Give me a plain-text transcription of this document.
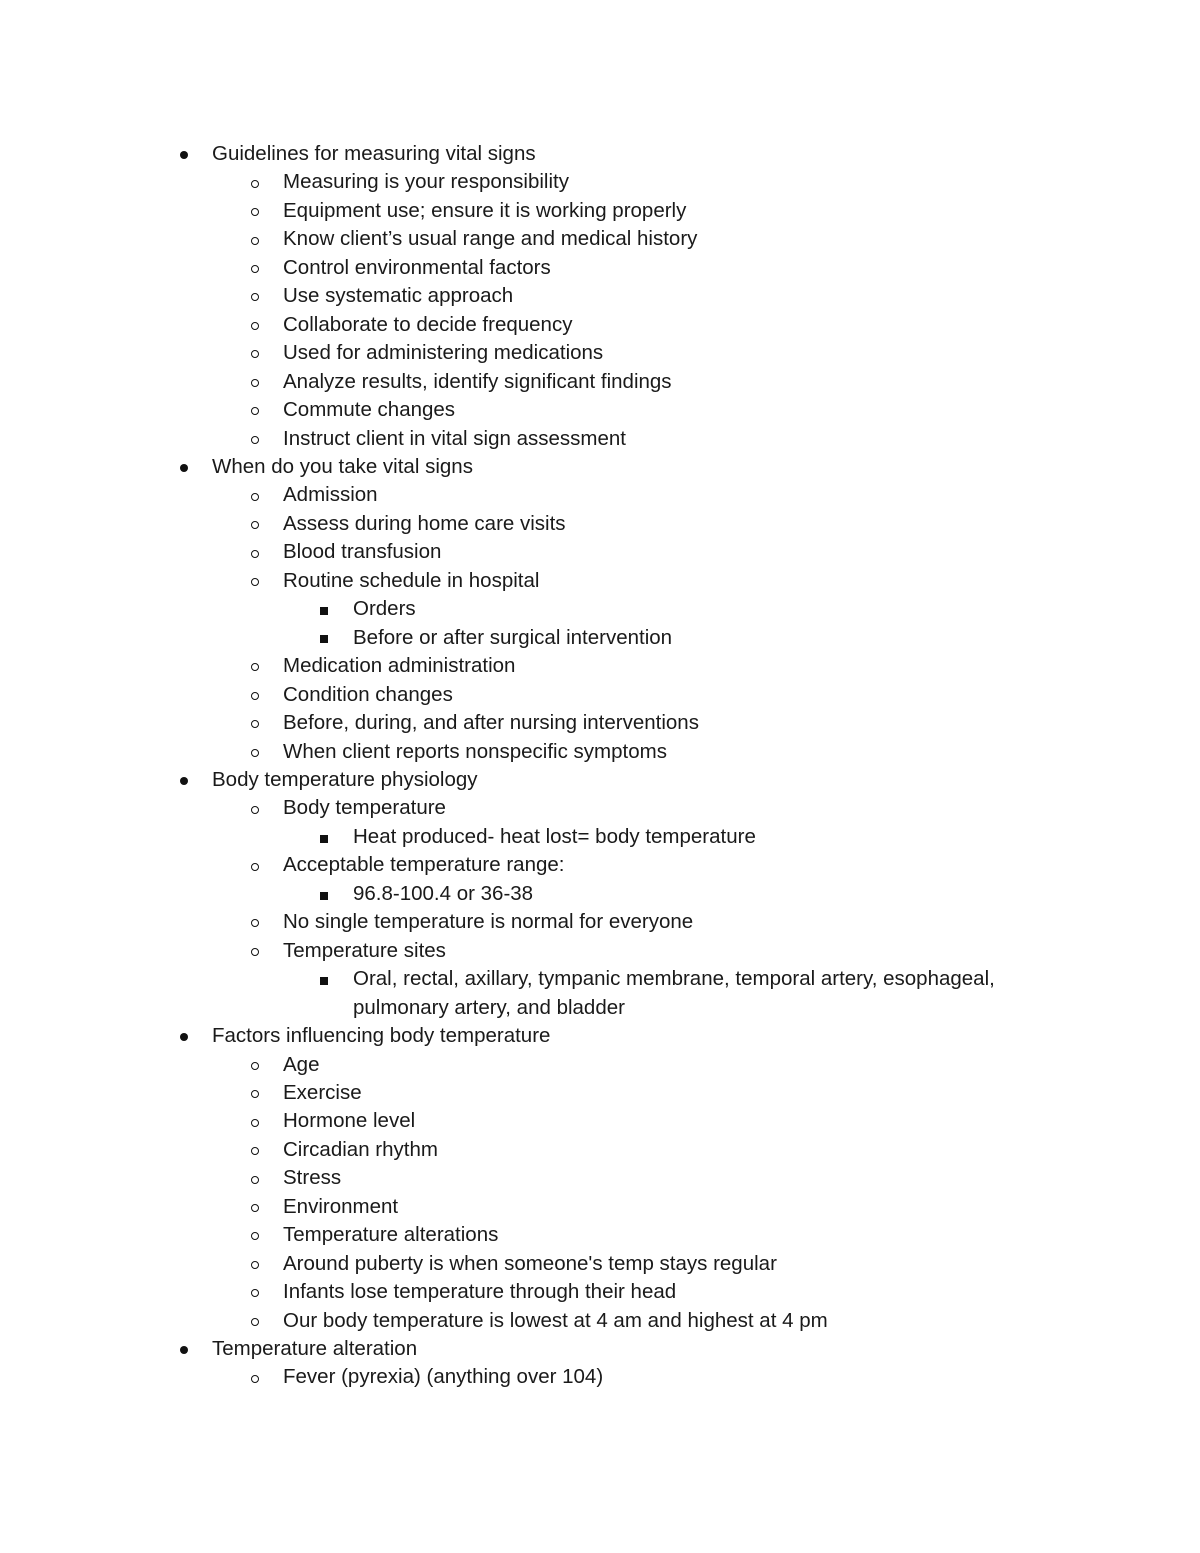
Guidelines for measuring vital signs
Measuring is your responsibility
Equipment use; ensure it is working properly
Know client’s usual range and medical history
Control environmental factors
Use systematic approach
Collaborate to decide frequency
Used for administering medications
Analyze results, identify significant findings
Commute changes
Instruct client in vital sign assessment
When do you take vital signs
Admission
Assess during home care visits
Blood transfusion
Routine schedule in hospital
Orders
Before or after surgical intervention
Medication administration
Condition changes
Before, during, and after nursing interventions
When client reports nonspecific symptoms
Body temperature physiology
Body temperature
Heat produced- heat lost= body temperature
Acceptable temperature range:
96.8-100.4 or 36-38
No single temperature is normal for everyone
Temperature sites
Oral, rectal, axillary, tympanic membrane, temporal artery, esophageal, pulmonary artery, and bladder
Factors influencing body temperature
Age
Exercise
Hormone level
Circadian rhythm
Stress
Environment
Temperature alterations
Around puberty is when someone's temp stays regular
Infants lose temperature through their head
Our body temperature is lowest at 4 am and highest at 4 pm
Temperature alteration
Fever (pyrexia) (anything over 104)
